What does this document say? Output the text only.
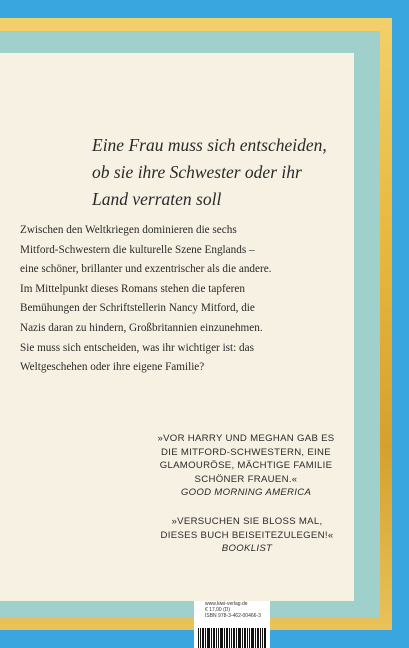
Eine Frau muss sich entscheiden,
ob sie ihre Schwester oder ihr
Land verraten soll
Zwischen den Weltkriegen dominieren die sechs
Mitford-Schwestern die kulturelle Szene Englands –
eine schöner, brillanter und exzentrischer als die andere.
Im Mittelpunkt dieses Romans stehen die tapferen
Bemühungen der Schriftstellerin Nancy Mitford, die
Nazis daran zu hindern, Großbritannien einzunehmen.
Sie muss sich entscheiden, was ihr wichtiger ist: das
Weltgeschehen oder ihre eigene Familie?
»VOR HARRY UND MEGHAN GAB ES
DIE MITFORD-SCHWESTERN, EINE
GLAMOURÖSE, MÄCHTIGE FAMILIE
SCHÖNER FRAUEN.«
GOOD MORNING AMERICA
»VERSUCHEN SIE BLOSS MAL,
DIESES BUCH BEISEITEZULEGEN!«
BOOKLIST
www.kiwi-verlag.de
€ 17,00 (D)
ISBN 978-3-462-00466-3
